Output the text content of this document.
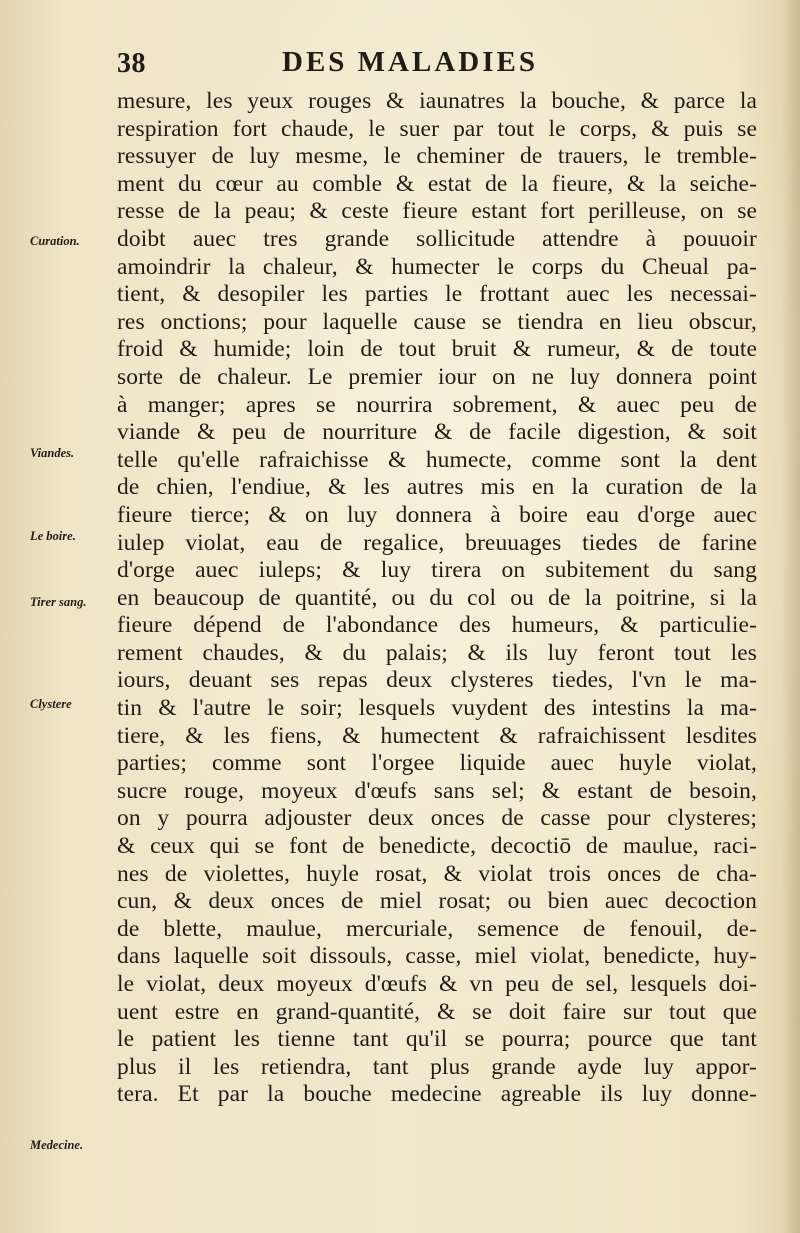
38	DES MALADIES
Curation.
Viandes.
Le boire.
Tirer sang.
Clystere
Medecine.
mesure, les yeux rouges & iaunatres la bouche, & parce la
respiration fort chaude, le suer par tout le corps, & puis se
ressuyer de luy mesme, le cheminer de trauers, le tremble-
ment du cœur au comble & estat de la fieure, & la seiche-
resse de la peau; & ceste fieure estant fort perilleuse, on se
doibt auec tres grande sollicitude attendre à pouuoir
amoindrir la chaleur, & humecter le corps du Cheual pa-
tient, & desopiler les parties le frottant auec les necessai-
res onctions; pour laquelle cause se tiendra en lieu obscur,
froid & humide; loin de tout bruit & rumeur, & de toute
sorte de chaleur. Le premier iour on ne luy donnera point
à manger; apres se nourrira sobrement, & auec peu de
viande & peu de nourriture & de facile digestion, & soit
telle qu'elle rafraichisse & humecte, comme sont la dent
de chien, l'endiue, & les autres mis en la curation de la
fieure tierce; & on luy donnera à boire eau d'orge auec
iulep violat, eau de regalice, breuuages tiedes de farine
d'orge auec iuleps; & luy tirera on subitement du sang
en beaucoup de quantité, ou du col ou de la poitrine, si la
fieure dépend de l'abondance des humeurs, & particulie-
rement chaudes, & du palais; & ils luy feront tout les
iours, deuant ses repas deux clysteres tiedes, l'vn le ma-
tin & l'autre le soir; lesquels vuydent des intestins la ma-
tiere, & les fiens, & humectent & rafraichissent lesdites
parties; comme sont l'orgee liquide auec huyle violat,
sucre rouge, moyeux d'œufs sans sel; & estant de besoin,
on y pourra adjouster deux onces de casse pour clysteres;
& ceux qui se font de benedicte, decoctiō de maulue, raci-
nes de violettes, huyle rosat, & violat trois onces de cha-
cun, & deux onces de miel rosat; ou bien auec decoction
de blette, maulue, mercuriale, semence de fenouil, de-
dans laquelle soit dissouls, casse, miel violat, benedicte, huy-
le violat, deux moyeux d'œufs & vn peu de sel, lesquels doi-
uent estre en grand-quantité, & se doit faire sur tout que
le patient les tienne tant qu'il se pourra; pource que tant
plus il les retiendra, tant plus grande ayde luy appor-
tera. Et par la bouche medecine agreable ils luy donne-
